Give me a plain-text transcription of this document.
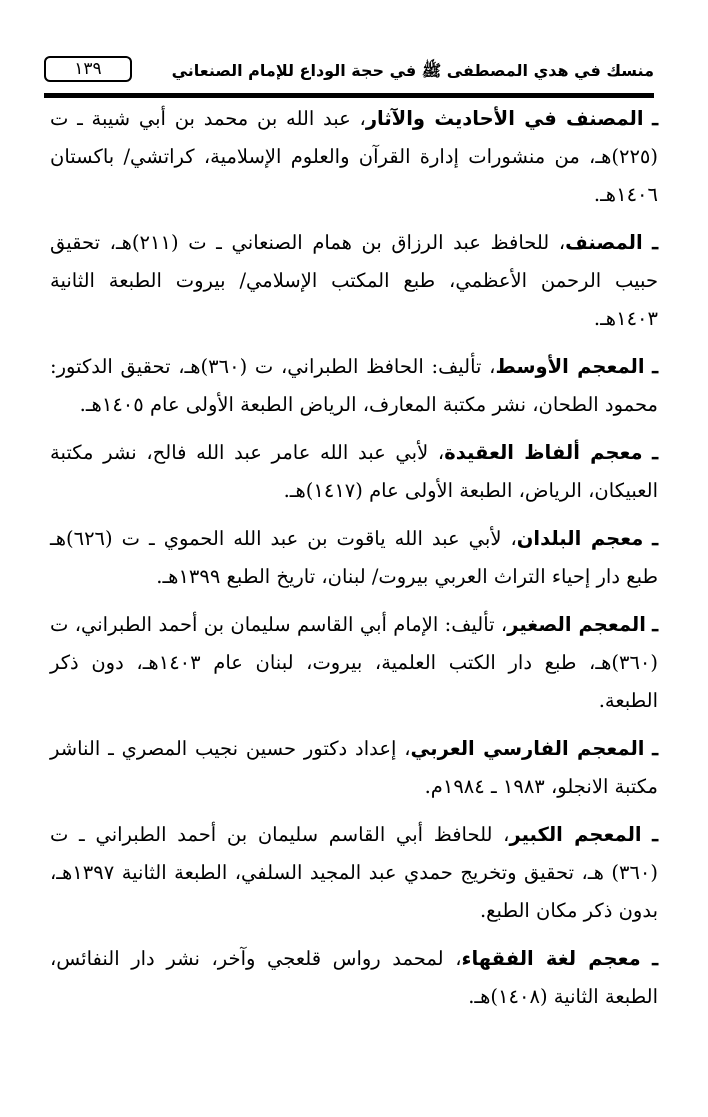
منسك في هدي المصطفى ﷺ في حجة الوداع للإمام الصنعاني
١٣٩

ـ المصنف في الأحاديث والآثار، عبد الله بن محمد بن أبي شيبة ـ ت (٢٢٥)هـ، من منشورات إدارة القرآن والعلوم الإسلامية، كراتشي/ باكستان ١٤٠٦هـ.

ـ المصنف، للحافظ عبد الرزاق بن همام الصنعاني ـ ت (٢١١)هـ، تحقيق حبيب الرحمن الأعظمي، طبع المكتب الإسلامي/ بيروت الطبعة الثانية ١٤٠٣هـ.

ـ المعجم الأوسط، تأليف: الحافظ الطبراني، ت (٣٦٠)هـ، تحقيق الدكتور: محمود الطحان، نشر مكتبة المعارف، الرياض الطبعة الأولى عام ١٤٠٥هـ.

ـ معجم ألفاظ العقيدة، لأبي عبد الله عامر عبد الله فالح، نشر مكتبة العبيكان، الرياض، الطبعة الأولى عام (١٤١٧)هـ.

ـ معجم البلدان، لأبي عبد الله ياقوت بن عبد الله الحموي ـ ت (٦٢٦)هـ طبع دار إحياء التراث العربي بيروت/ لبنان، تاريخ الطبع ١٣٩٩هـ.

ـ المعجم الصغير، تأليف: الإمام أبي القاسم سليمان بن أحمد الطبراني، ت (٣٦٠)هـ، طبع دار الكتب العلمية، بيروت، لبنان عام ١٤٠٣هـ، دون ذكر الطبعة.

ـ المعجم الفارسي العربي، إعداد دكتور حسين نجيب المصري ـ الناشر مكتبة الانجلو، ١٩٨٣ ـ ١٩٨٤م.

ـ المعجم الكبير، للحافظ أبي القاسم سليمان بن أحمد الطبراني ـ ت (٣٦٠) هـ، تحقيق وتخريج حمدي عبد المجيد السلفي، الطبعة الثانية ١٣٩٧هـ، بدون ذكر مكان الطبع.

ـ معجم لغة الفقهاء، لمحمد رواس قلعجي وآخر، نشر دار النفائس، الطبعة الثانية (١٤٠٨)هـ.
